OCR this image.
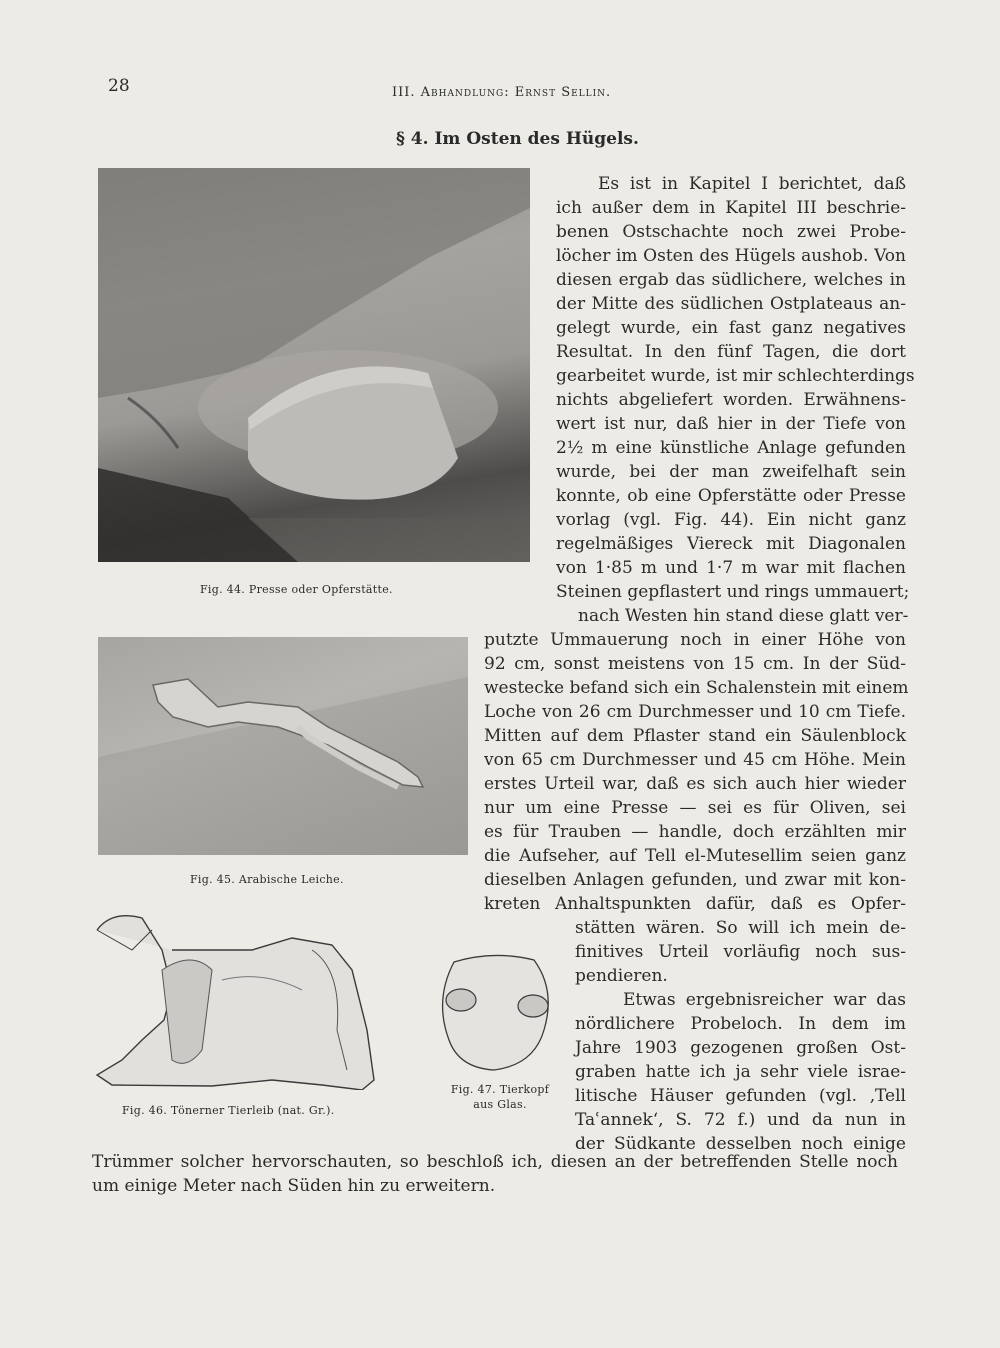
28	III. Abhandlung: Ernst Sellin.
§ 4. Im Osten des Hügels.
Fig. 44. Presse oder Opferstätte.
Fig. 45. Arabische Leiche.
Fig. 46. Tönerner Tierleib (nat. Gr.).
Fig. 47. Tierkopf
aus Glas.
Es ist in Kapitel I berichtet, daß
ich außer dem in Kapitel III beschrie-
benen Ostschachte noch zwei Probe-
löcher im Osten des Hügels aushob. Von
diesen ergab das südlichere, welches in
der Mitte des südlichen Ostplateaus an-
gelegt wurde, ein fast ganz negatives
Resultat. In den fünf Tagen, die dort
gearbeitet wurde, ist mir schlechterdings
nichts abgeliefert worden. Erwähnens-
wert ist nur, daß hier in der Tiefe von
2½ m eine künstliche Anlage gefunden
wurde, bei der man zweifelhaft sein
konnte, ob eine Opferstätte oder Presse
vorlag (vgl. Fig. 44). Ein nicht ganz
regelmäßiges Viereck mit Diagonalen
von 1·85 m und 1·7 m war mit flachen
Steinen gepflastert und rings ummauert;
nach Westen hin stand diese glatt ver-
putzte Ummauerung noch in einer Höhe von
92 cm, sonst meistens von 15 cm. In der Süd-
westecke befand sich ein Schalenstein mit einem
Loche von 26 cm Durchmesser und 10 cm Tiefe.
Mitten auf dem Pflaster stand ein Säulenblock
von 65 cm Durchmesser und 45 cm Höhe. Mein
erstes Urteil war, daß es sich auch hier wieder
nur um eine Presse — sei es für Oliven, sei
es für Trauben — handle, doch erzählten mir
die Aufseher, auf Tell el-Mutesellim seien ganz
dieselben Anlagen gefunden, und zwar mit kon-
kreten Anhaltspunkten dafür, daß es Opfer-
stätten wären. So will ich mein de-
finitives Urteil vorläufig noch sus-
pendieren.
Etwas ergebnisreicher war das
nördlichere Probeloch. In dem im
Jahre 1903 gezogenen großen Ost-
graben hatte ich ja sehr viele israe-
litische Häuser gefunden (vgl. ‚Tell
Taʿannek‘, S. 72 f.) und da nun in
der Südkante desselben noch einige
Trümmer solcher hervorschauten, so beschloß ich, diesen an der betreffenden Stelle noch
um einige Meter nach Süden hin zu erweitern.
